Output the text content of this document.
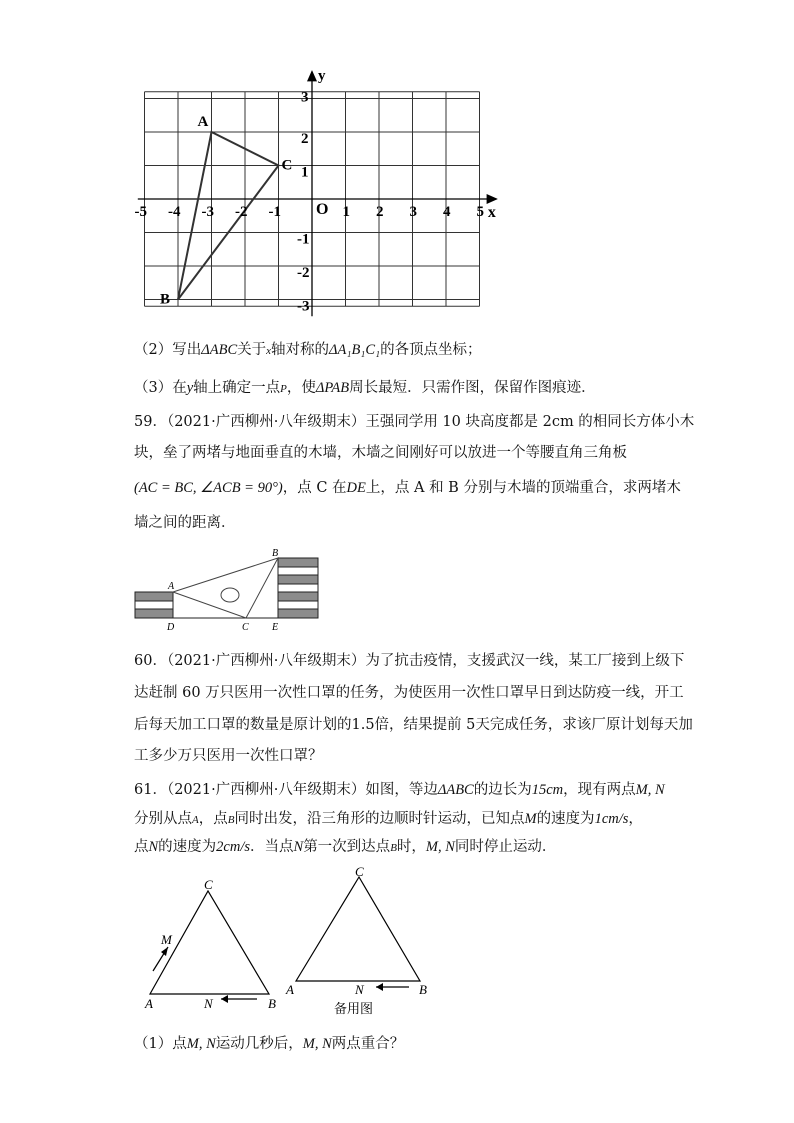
y
x
O
-5 -4 -3 -2 -1	1 2 3 4 5
3
2
1
-1
-2
-3
A
B
C
（2）写出ΔABC关于x轴对称的ΔA₁B₁C₁的各顶点坐标；
（3）在y轴上确定一点P，使ΔPAB周长最短．只需作图，保留作图痕迹．
59．（2021·广西柳州·八年级期末）王强同学用 10 块高度都是 2cm 的相同长方体小木
块，垒了两堵与地面垂直的木墙，木墙之间刚好可以放进一个等腰直角三角板
(AC = BC, ∠ACB = 90°)，点 C 在DE上，点 A 和 B 分别与木墙的顶端重合，求两堵木
墙之间的距离．
A
B
C
D	E
60．（2021·广西柳州·八年级期末）为了抗击疫情，支援武汉一线，某工厂接到上级下
达赶制 60 万只医用一次性口罩的任务，为使医用一次性口罩早日到达防疫一线，开工
后每天加工口罩的数量是原计划的1.5倍，结果提前 5天完成任务，求该厂原计划每天加
工多少万只医用一次性口罩？
61．（2021·广西柳州·八年级期末）如图，等边ΔABC的边长为15cm，现有两点M, N
分别从点A，点B同时出发，沿三角形的边顺时针运动，已知点M的速度为1cm/s，
点N的速度为2cm/s．当点N第一次到达点B时，M, N同时停止运动．
C
M
A	N	B
C
A	N	B
备用图
（1）点M, N运动几秒后，M, N两点重合？
